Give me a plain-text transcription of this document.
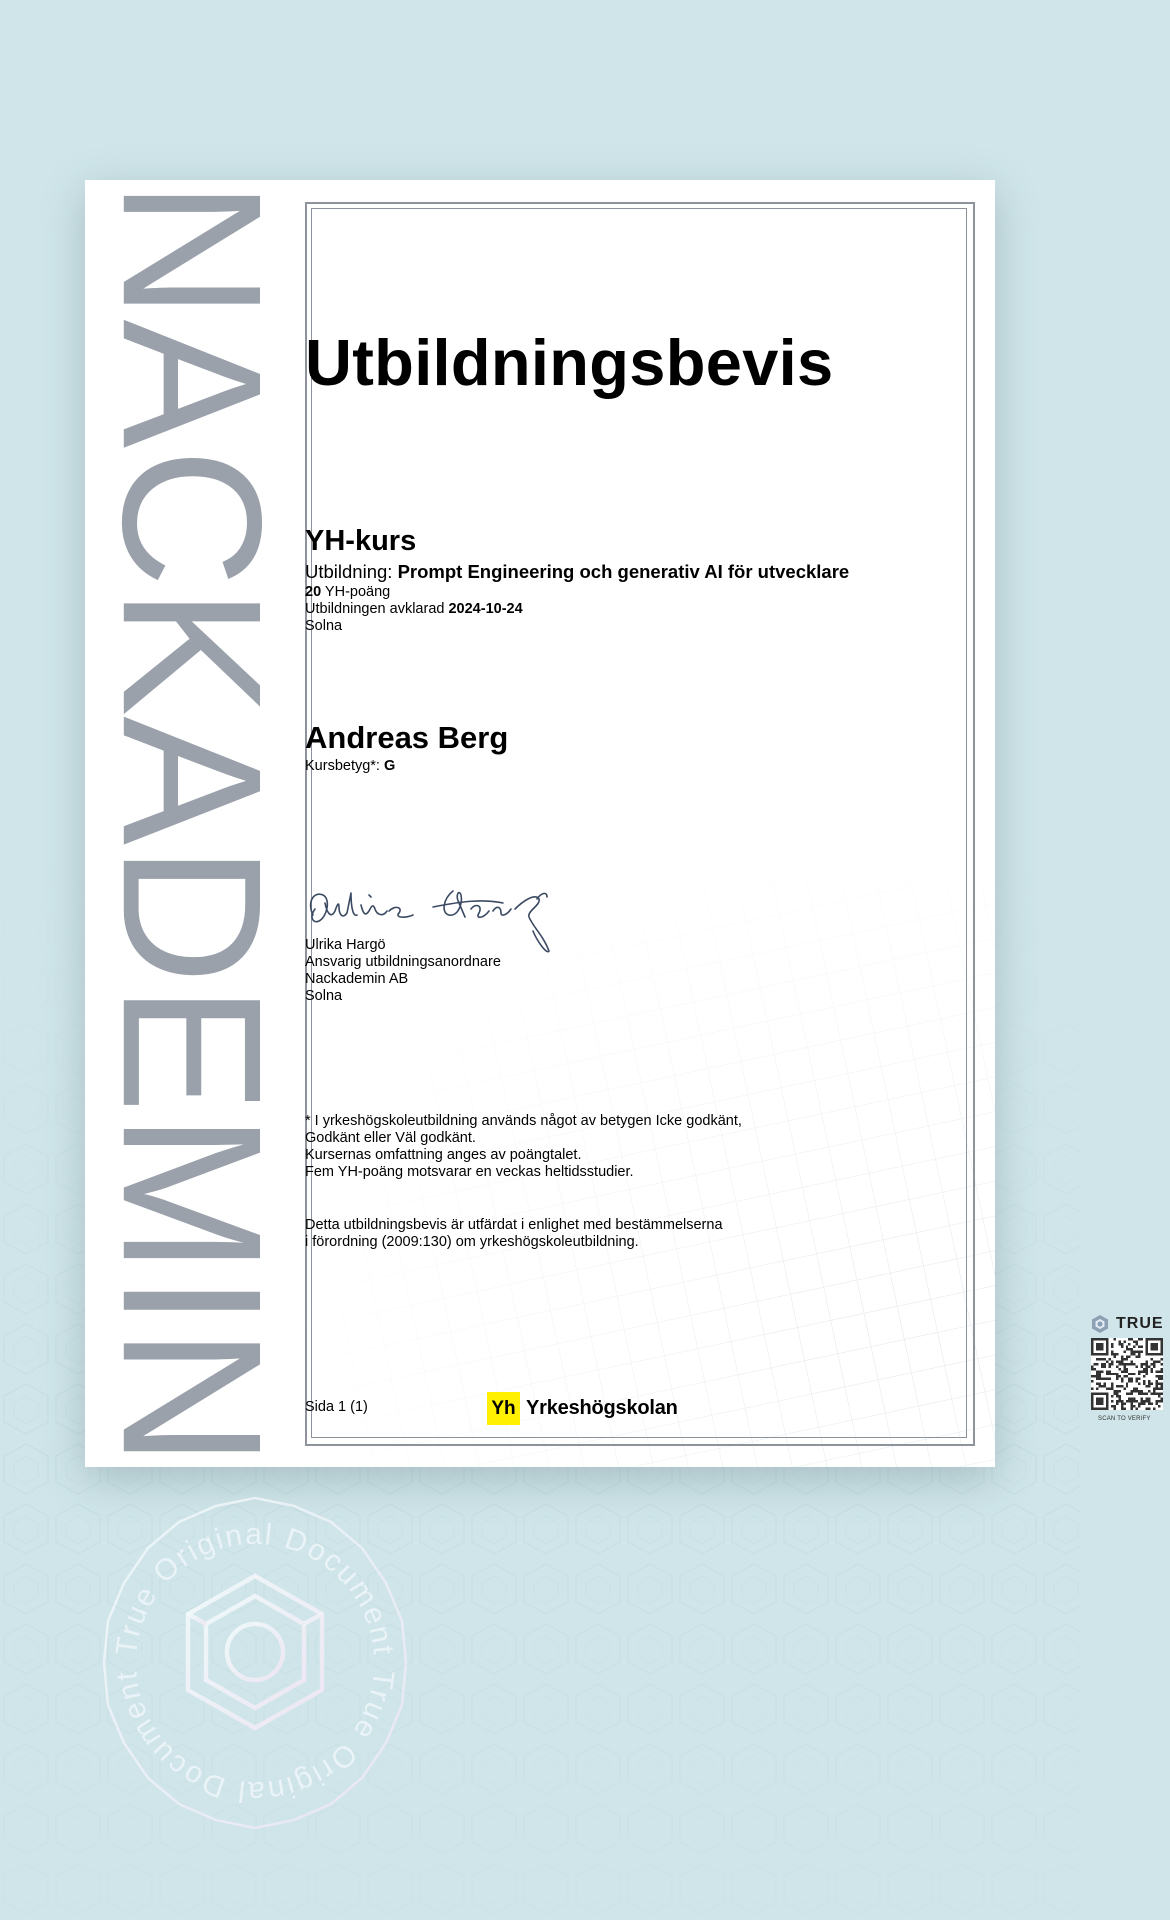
NACKADEMIN Utbildningsbevis
YH-kurs
Utbildning: Prompt Engineering och generativ AI för utvecklare
20 YH-poäng
Utbildningen avklarad 2024-10-24
Solna
Andreas Berg
Kursbetyg*: G
Ulrika Hargö
Ansvarig utbildningsanordnare
Nackademin AB
Solna
* I yrkeshögskoleutbildning används något av betygen Icke godkänt,
Godkänt eller Väl godkänt.
Kursernas omfattning anges av poängtalet.
Fem YH-poäng motsvarar en veckas heltidsstudier.
Detta utbildningsbevis är utfärdat i enlighet med bestämmelserna
i förordning (2009:130) om yrkeshögskoleutbildning.
Sida 1 (1)	Yh Yrkeshögskolan
TRUE
SCAN TO VERIFY
True Original Document
True Original Document
